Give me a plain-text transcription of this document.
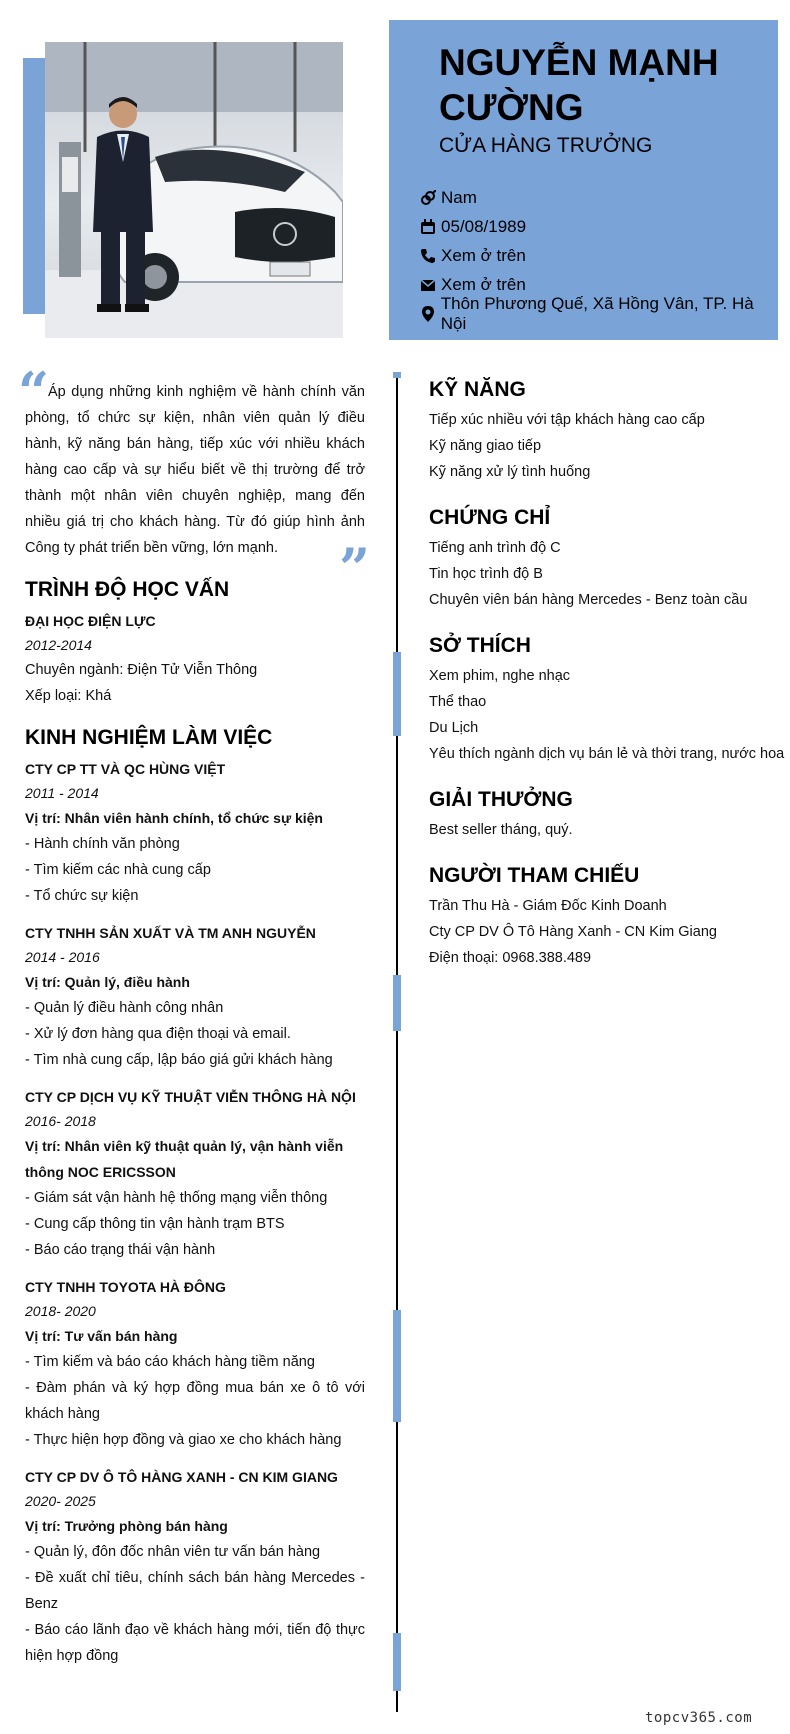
NGUYỄN MẠNH CƯỜNG
CỬA HÀNG TRƯỞNG
Nam
05/08/1989
Xem ở trên
Xem ở trên
Thôn Phương Quế, Xã Hồng Vân, TP. Hà Nội
“
Áp dụng những kinh nghiệm về hành chính văn phòng, tổ chức sự kiện, nhân viên quản lý điều hành, kỹ năng bán hàng, tiếp xúc với nhiều khách hàng cao cấp và sự hiểu biết về thị trường để trở thành một nhân viên chuyên nghiệp, mang đến nhiều giá trị cho khách hàng. Từ đó giúp hình ảnh Công ty phát triển bền vững, lớn mạnh.	”
TRÌNH ĐỘ HỌC VẤN
ĐẠI HỌC ĐIỆN LỰC
2012-2014
Chuyên ngành: Điện Tử Viễn Thông
Xếp loại: Khá
KINH NGHIỆM LÀM VIỆC
CTY CP TT VÀ QC HÙNG VIỆT
2011 - 2014
Vị trí: Nhân viên hành chính, tổ chức sự kiện
- Hành chính văn phòng
- Tìm kiếm các nhà cung cấp
- Tổ chức sự kiện
CTY TNHH SẢN XUẤT VÀ TM ANH NGUYỄN
2014 - 2016
Vị trí: Quản lý, điều hành
- Quản lý điều hành công nhân
- Xử lý đơn hàng qua điện thoại và email.
- Tìm nhà cung cấp, lập báo giá gửi khách hàng
CTY CP DỊCH VỤ KỸ THUẬT VIỄN THÔNG HÀ NỘI
2016- 2018
Vị trí: Nhân viên kỹ thuật quản lý, vận hành viễn thông NOC ERICSSON
- Giám sát vận hành hệ thống mạng viễn thông
- Cung cấp thông tin vận hành trạm BTS
- Báo cáo trạng thái vận hành
CTY TNHH TOYOTA HÀ ĐÔNG
2018- 2020
Vị trí: Tư vấn bán hàng
- Tìm kiếm và báo cáo khách hàng tiềm năng
- Đàm phán và ký hợp đồng mua bán xe ô tô với khách hàng
- Thực hiện hợp đồng và giao xe cho khách hàng
CTY CP DV Ô TÔ HÀNG XANH - CN KIM GIANG
2020- 2025
Vị trí: Trưởng phòng bán hàng
- Quản lý, đôn đốc nhân viên tư vấn bán hàng
- Đề xuất chỉ tiêu, chính sách bán hàng Mercedes - Benz
- Báo cáo lãnh đạo về khách hàng mới, tiến độ thực hiện hợp đồng
KỸ NĂNG
Tiếp xúc nhiều với tập khách hàng cao cấp
Kỹ năng giao tiếp
Kỹ năng xử lý tình huống
CHỨNG CHỈ
Tiếng anh trình độ C
Tin học trình độ B
Chuyên viên bán hàng Mercedes - Benz toàn cầu
SỞ THÍCH
Xem phim, nghe nhạc
Thể thao
Du Lịch
Yêu thích ngành dịch vụ bán lẻ và thời trang, nước hoa
GIẢI THƯỞNG
Best seller tháng, quý.
NGƯỜI THAM CHIẾU
Trần Thu Hà - Giám Đốc Kinh Doanh
Cty CP DV Ô Tô Hàng Xanh - CN Kim Giang
Điện thoại: 0968.388.489
topcv365.com
